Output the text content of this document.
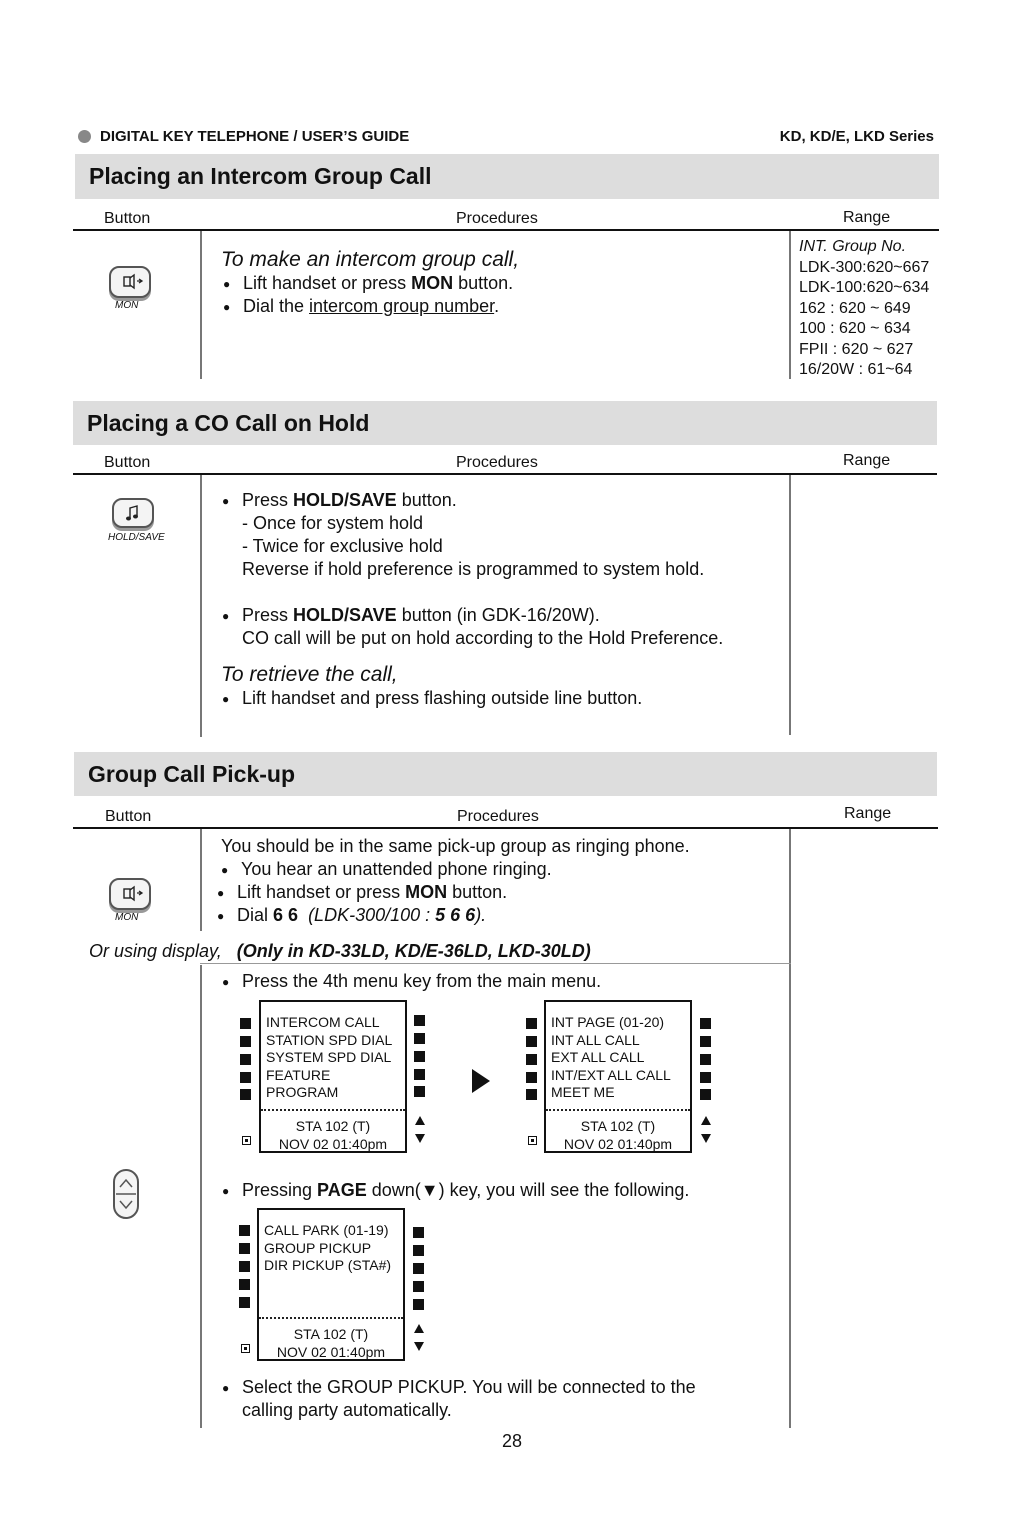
DIGITAL KEY TELEPHONE / USER’S GUIDE	KD, KD/E, LKD Series
Placing an Intercom Group Call
Button	Procedures	Range
MON
To make an intercom group call,
● Lift handset or press MON button.
● Dial the intercom group number.
INT. Group No.
LDK-300:620~667
LDK-100:620~634
162 : 620 ~ 649
100 : 620 ~ 634
FPII : 620 ~ 627
16/20W : 61~64
Placing a CO Call on Hold
Button	Procedures	Range
HOLD/SAVE
● Press HOLD/SAVE button.
- Once for system hold
- Twice for exclusive hold
Reverse if hold preference is programmed to system hold.
● Press HOLD/SAVE button (in GDK-16/20W).
CO call will be put on hold according to the Hold Preference.
To retrieve the call,
● Lift handset and press flashing outside line button.
Group Call Pick-up
Button	Procedures	Range
MON
You should be in the same pick-up group as ringing phone.
● You hear an unattended phone ringing.
● Lift handset or press MON button.
● Dial 6 6 (LDK-300/100 : 5 6 6).
Or using display, (Only in KD-33LD, KD/E-36LD, LKD-30LD)
● Press the 4th menu key from the main menu.
INTERCOM CALL
STATION SPD DIAL
SYSTEM SPD DIAL
FEATURE
PROGRAM
STA 102 (T)
NOV 02 01:40pm
INT PAGE (01-20)
INT ALL CALL
EXT ALL CALL
INT/EXT ALL CALL
MEET ME
STA 102 (T)
NOV 02 01:40pm
● Pressing PAGE down(▼) key, you will see the following.
CALL PARK (01-19)
GROUP PICKUP
DIR PICKUP (STA#)
STA 102 (T)
NOV 02 01:40pm
● Select the GROUP PICKUP. You will be connected to the
calling party automatically.
28
